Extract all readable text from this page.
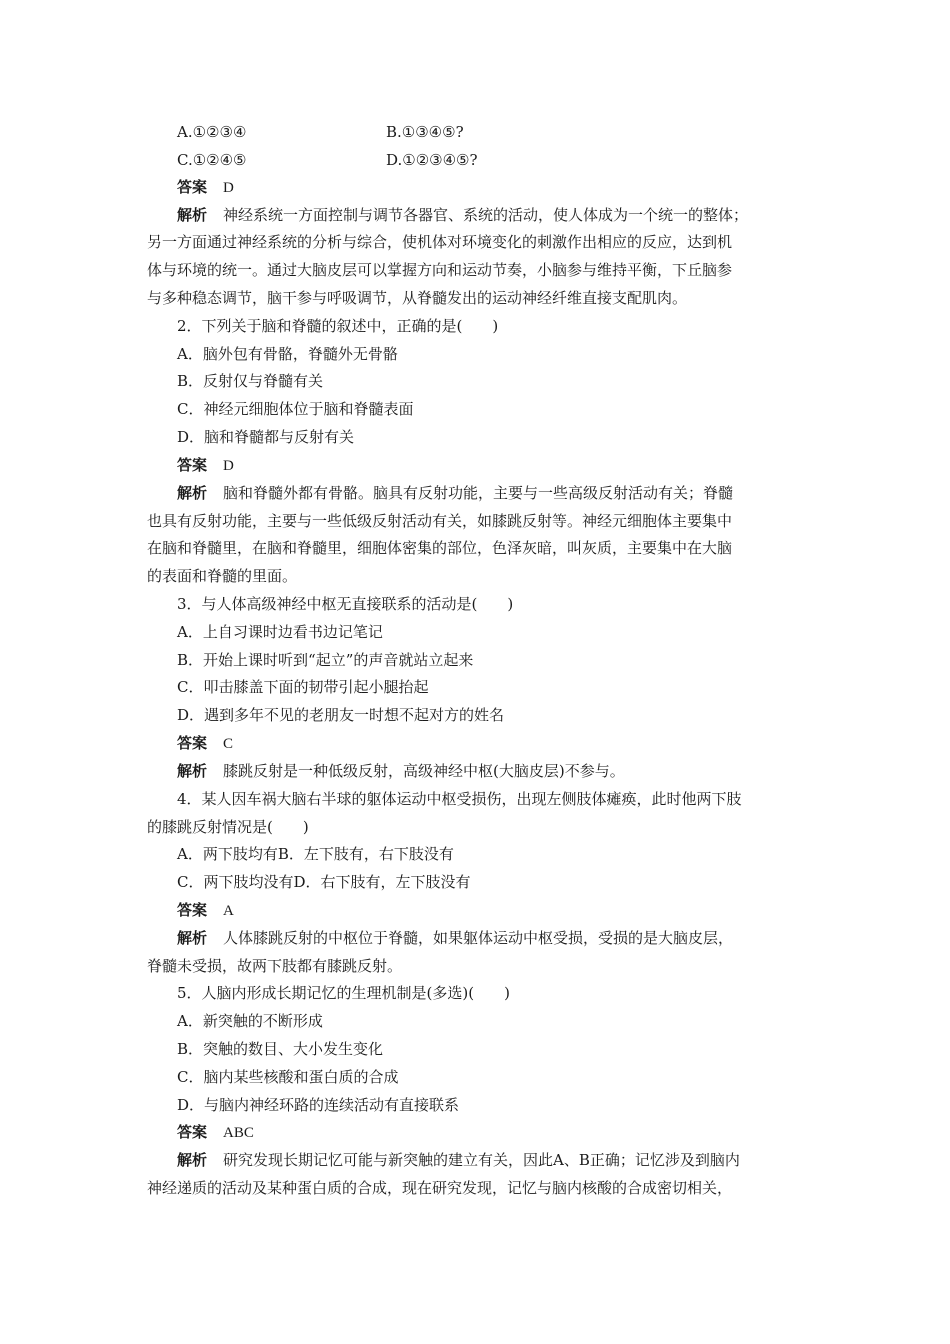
A.①②③④	B.①③④⑤?
C.①②④⑤	D.①②③④⑤?
答案 D
解析 神经系统一方面控制与调节各器官、系统的活动，使人体成为一个统一的整体；
另一方面通过神经系统的分析与综合，使机体对环境变化的刺激作出相应的反应，达到机
体与环境的统一。通过大脑皮层可以掌握方向和运动节奏，小脑参与维持平衡，下丘脑参
与多种稳态调节，脑干参与呼吸调节，从脊髓发出的运动神经纤维直接支配肌肉。
2．下列关于脑和脊髓的叙述中，正确的是(　　)
A．脑外包有骨骼，脊髓外无骨骼
B．反射仅与脊髓有关
C．神经元细胞体位于脑和脊髓表面
D．脑和脊髓都与反射有关
答案 D
解析 脑和脊髓外都有骨骼。脑具有反射功能，主要与一些高级反射活动有关；脊髓
也具有反射功能，主要与一些低级反射活动有关，如膝跳反射等。神经元细胞体主要集中
在脑和脊髓里，在脑和脊髓里，细胞体密集的部位，色泽灰暗，叫灰质，主要集中在大脑
的表面和脊髓的里面。
3．与人体高级神经中枢无直接联系的活动是(　　)
A．上自习课时边看书边记笔记
B．开始上课时听到“起立”的声音就站立起来
C．叩击膝盖下面的韧带引起小腿抬起
D．遇到多年不见的老朋友一时想不起对方的姓名
答案 C
解析 膝跳反射是一种低级反射，高级神经中枢(大脑皮层)不参与。
4．某人因车祸大脑右半球的躯体运动中枢受损伤，出现左侧肢体瘫痪，此时他两下肢
的膝跳反射情况是(　　)
A．两下肢均有B．左下肢有，右下肢没有
C．两下肢均没有D．右下肢有，左下肢没有
答案 A
解析 人体膝跳反射的中枢位于脊髓，如果躯体运动中枢受损，受损的是大脑皮层，
脊髓未受损，故两下肢都有膝跳反射。
5．人脑内形成长期记忆的生理机制是(多选)(　　)
A．新突触的不断形成
B．突触的数目、大小发生变化
C．脑内某些核酸和蛋白质的合成
D．与脑内神经环路的连续活动有直接联系
答案 ABC
解析 研究发现长期记忆可能与新突触的建立有关，因此A、B正确；记忆涉及到脑内
神经递质的活动及某种蛋白质的合成，现在研究发现，记忆与脑内核酸的合成密切相关，
